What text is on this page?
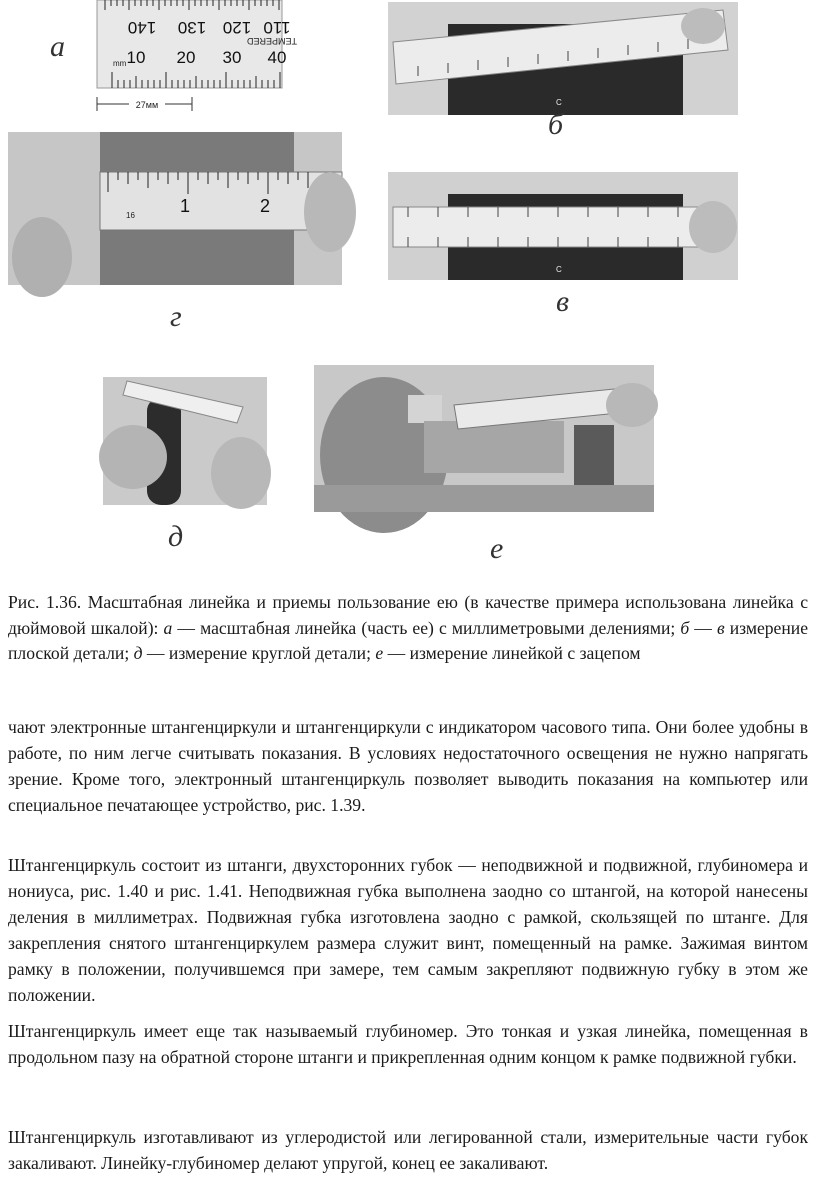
140 130 120 110
TEMPERED
10 20 30 40
mm
27мм
а
C
б
1	2
16
г
C
в
д	е
Рис. 1.36. Масштабная линейка и приемы пользование ею (в качестве примера использована линейка с дюймовой шкалой): а — масштабная линейка (часть ее) с миллиметровыми делениями; б — в измерение плоской детали; д — измерение круглой детали; е — измерение линейкой с зацепом

чают электронные штангенциркули и штангенциркули с индикатором часового типа. Они более удобны в работе, по ним легче считывать показания. В условиях недостаточного освещения не нужно напрягать зрение. Кроме того, электронный штангенциркуль позволяет выводить показания на компьютер или специальное печатающее устройство, рис. 1.39.

Штангенциркуль состоит из штанги, двухсторонних губок — неподвижной и подвижной, глубиномера и нониуса, рис. 1.40 и рис. 1.41. Неподвижная губка выполнена заодно со штангой, на которой нанесены деления в миллиметрах. Подвижная губка изготовлена заодно с рамкой, скользящей по штанге. Для закрепления снятого штангенциркулем размера служит винт, помещенный на рамке. Зажимая винтом рамку в положении, получившемся при замере, тем самым закрепляют подвижную губку в этом же положении.

Штангенциркуль имеет еще так называемый глубиномер. Это тонкая и узкая линейка, помещенная в продольном пазу на обратной стороне штанги и прикрепленная одним концом к рамке подвижной губки.

Штангенциркуль изготавливают из углеродистой или легированной стали, измерительные части губок закаливают. Линейку-глубиномер делают упругой, конец ее закаливают.
